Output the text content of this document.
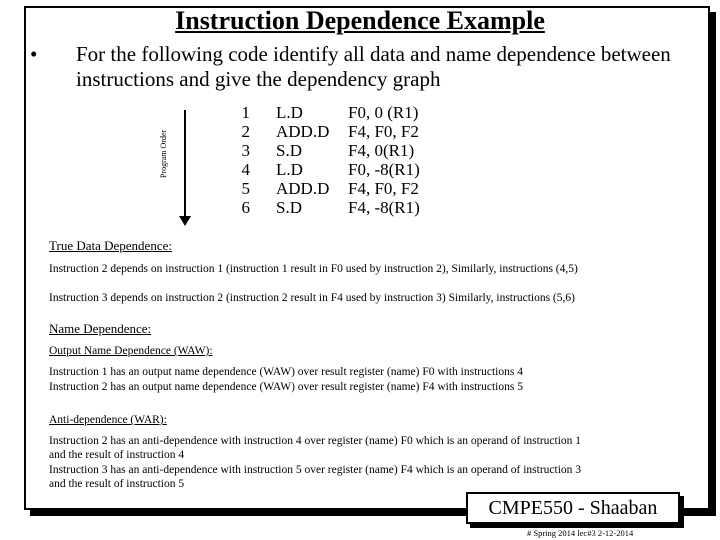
Instruction Dependence Example
• For the following code identify all data and name dependence between instructions and give the dependency graph
Program Order
1 L.D	F0, 0 (R1)
2 ADD.D F4, F0, F2
3 S.D	F4, 0(R1)
4 L.D	F0, -8(R1)
5 ADD.D F4, F0, F2
6 S.D	F4, -8(R1)
True Data Dependence:
Instruction 2 depends on instruction 1 (instruction 1 result in F0 used by instruction 2), Similarly, instructions (4,5)
Instruction 3 depends on instruction 2 (instruction 2 result in F4 used by instruction 3) Similarly, instructions (5,6)
Name Dependence:
Output Name Dependence (WAW):
Instruction 1 has an output name dependence (WAW) over result register (name) F0 with instructions 4
Instruction 2 has an output name dependence (WAW) over result register (name) F4 with instructions 5
Anti-dependence (WAR):
Instruction 2 has an anti-dependence with instruction 4 over register (name) F0 which is an operand of instruction 1
and the result of instruction 4
Instruction 3 has an anti-dependence with instruction 5 over register (name) F4 which is an operand of instruction 3
and the result of instruction 5
CMPE550 - Shaaban
# Spring 2014 lec#3 2-12-2014
